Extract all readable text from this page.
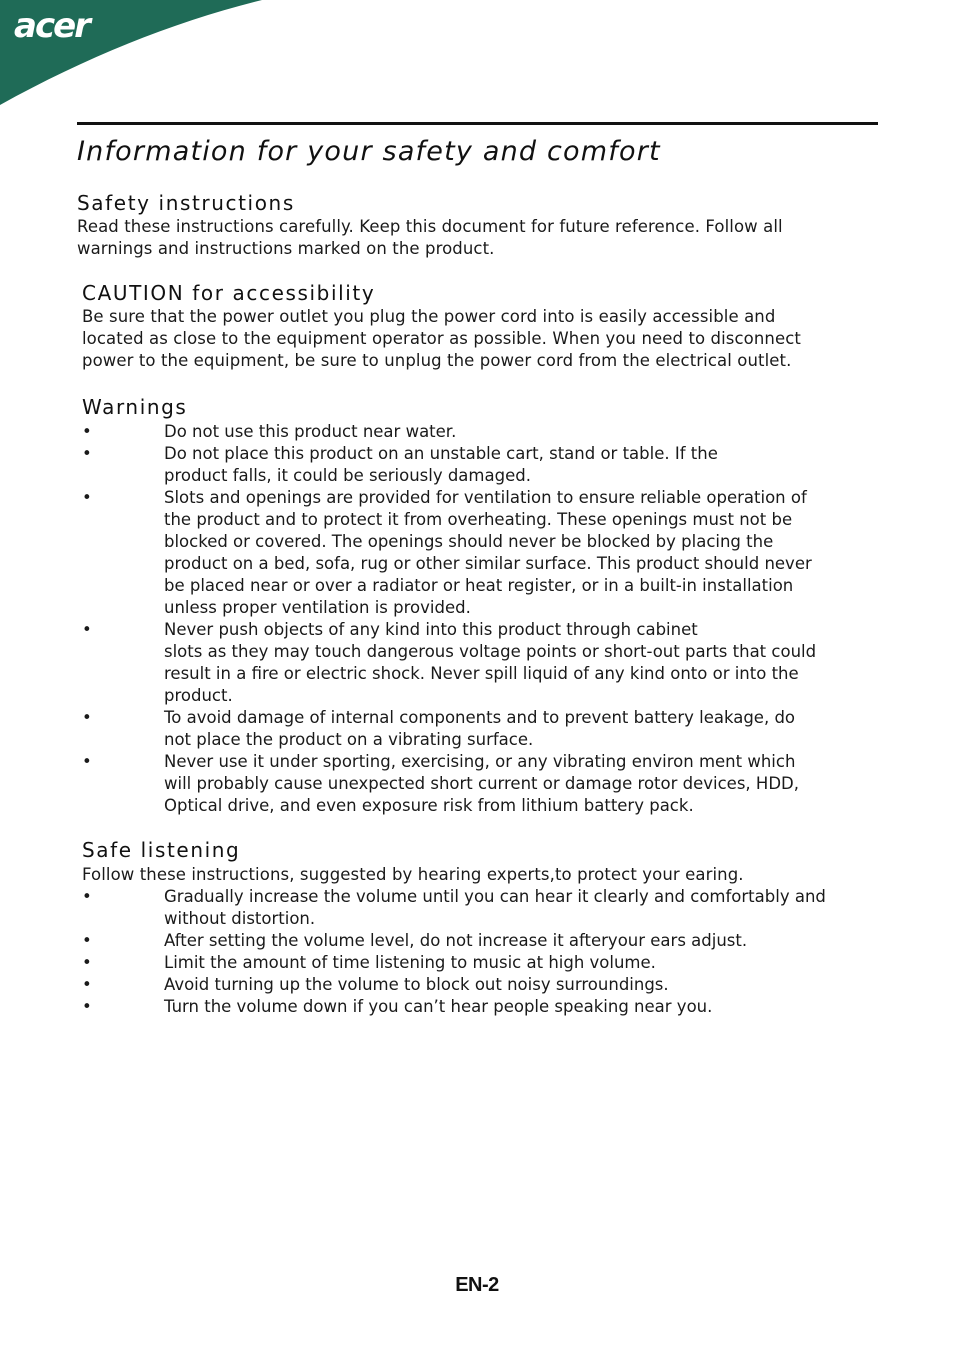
acer
Information for your safety and comfort
Safety instructions
Read these instructions carefully. Keep this document for future reference. Follow all
warnings and instructions marked on the product.
CAUTION for accessibility
Be sure that the power outlet you plug the power cord into is easily accessible and
located as close to the equipment operator as possible. When you need to disconnect
power to the equipment, be sure to unplug the power cord from the electrical outlet.
Warnings
•	Do not use this product near water.
•	Do not place this product on an unstable cart, stand or table. If the
product falls, it could be seriously damaged.
•	Slots and openings are provided for ventilation to ensure reliable operation of
the product and to protect it from overheating. These openings must not be
blocked or covered. The openings should never be blocked by placing the
product on a bed, sofa, rug or other similar surface. This product should never
be placed near or over a radiator or heat register, or in a built-in installation
unless proper ventilation is provided.
•	Never push objects of any kind into this product through cabinet
slots as they may touch dangerous voltage points or short-out parts that could
result in a fire or electric shock. Never spill liquid of any kind onto or into the
product.
•	To avoid damage of internal components and to prevent battery leakage, do
not place the product on a vibrating surface.
•	Never use it under sporting, exercising, or any vibrating environ ment which
will probably cause unexpected short current or damage rotor devices, HDD,
Optical drive, and even exposure risk from lithium battery pack.
Safe listening
Follow these instructions, suggested by hearing experts,to protect your earing.
•	Gradually increase the volume until you can hear it clearly and comfortably and
without distortion.
•	After setting the volume level, do not increase it afteryour ears adjust.
•	Limit the amount of time listening to music at high volume.
•	Avoid turning up the volume to block out noisy surroundings.
•	Turn the volume down if you can’t hear people speaking near you.
EN-2
